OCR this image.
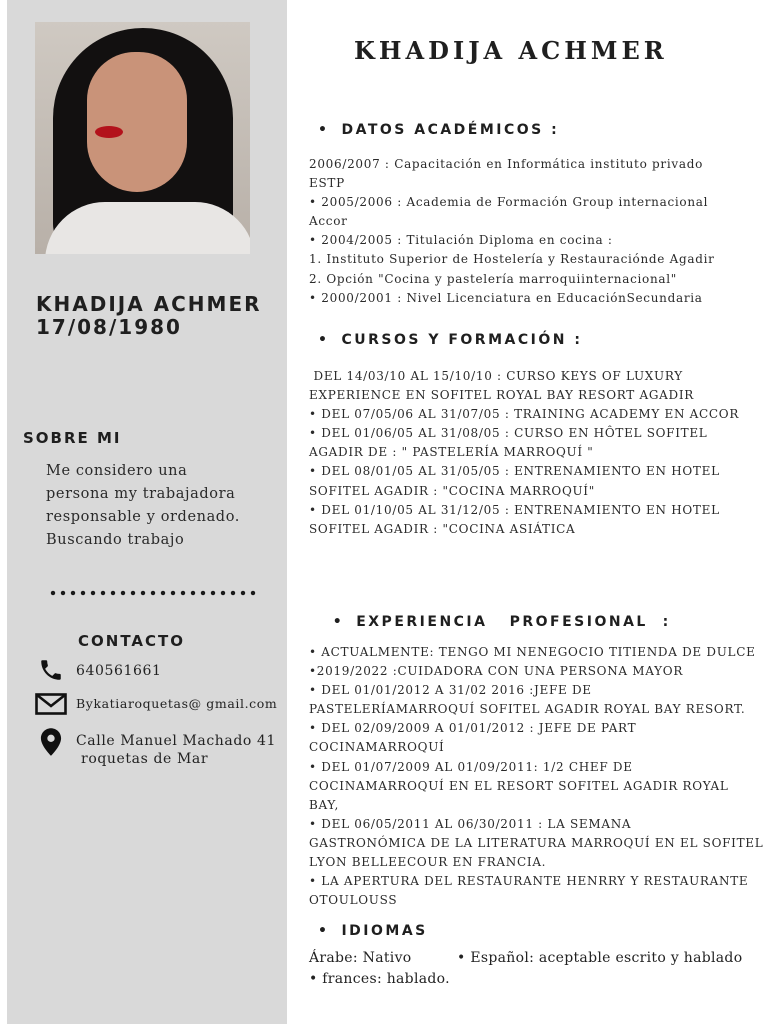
KHADIJA ACHMER
17/08/1980
SOBRE MI
Me considero una
persona my trabajadora
responsable y ordenado.
Buscando trabajo
CONTACTO
640561661
Bykatiaroquetas@ gmail.com
Calle Manuel Machado 41
roquetas de Mar
KHADIJA ACHMER
• DATOS ACADÉMICOS :
2006/2007 : Capacitación en Informática instituto privado
ESTP
• 2005/2006 : Academia de Formación Group internacional
Accor
• 2004/2005 : Titulación Diploma en cocina :
1. Instituto Superior de Hostelería y Restauraciónde Agadir
2. Opción "Cocina y pastelería marroquiinternacional"
• 2000/2001 : Nivel Licenciatura en EducaciónSecundaria
• CURSOS Y FORMACIÓN :
DEL 14/03/10 AL 15/10/10 : CURSO KEYS OF LUXURY
EXPERIENCE EN SOFITEL ROYAL BAY RESORT AGADIR
• DEL 07/05/06 AL 31/07/05 : TRAINING ACADEMY EN ACCOR
• DEL 01/06/05 AL 31/08/05 : CURSO EN HÔTEL SOFITEL
AGADIR DE : " PASTELERÍA MARROQUÍ "
• DEL 08/01/05 AL 31/05/05 : ENTRENAMIENTO EN HOTEL
SOFITEL AGADIR : "COCINA MARROQUÍ"
• DEL 01/10/05 AL 31/12/05 : ENTRENAMIENTO EN HOTEL
SOFITEL AGADIR : "COCINA ASIÁTICA

• EXPERIENCIA   PROFESIONAL  :

• ACTUALMENTE: TENGO MI NENEGOCIO TITIENDA DE DULCE
•2019/2022 :CUIDADORA CON UNA PERSONA MAYOR
• DEL 01/01/2012 A 31/02 2016 :JEFE DE
PASTELERÍAMARROQUÍ SOFITEL AGADIR ROYAL BAY RESORT.
• DEL 02/09/2009 A 01/01/2012 : JEFE DE PART
COCINAMARROQUÍ
• DEL 01/07/2009 AL 01/09/2011: 1/2 CHEF DE
COCINAMARROQUÍ EN EL RESORT SOFITEL AGADIR ROYAL
BAY,
• DEL 06/05/2011 AL 06/30/2011 : LA SEMANA
GASTRONÓMICA DE LA LITERATURA MARROQUÍ EN EL SOFITEL
LYON BELLEECOUR EN FRANCIA.
• LA APERTURA DEL RESTAURANTE HENRRY Y RESTAURANTE
OTOULOUSS
• IDIOMAS
Árabe: Nativo	• Español: aceptable escrito y hablado
• frances: hablado.
